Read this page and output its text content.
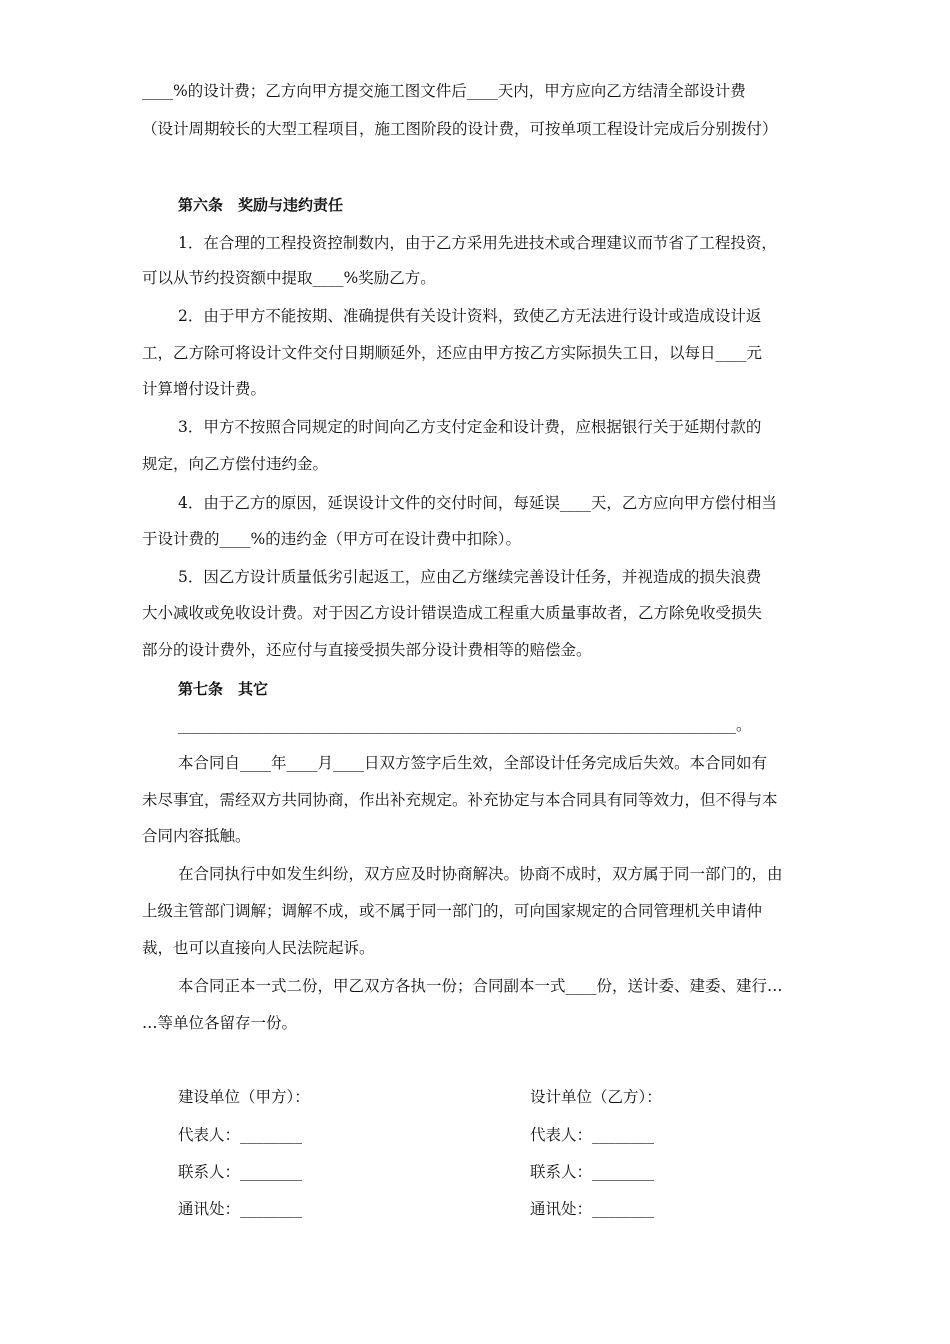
____%的设计费；乙方向甲方提交施工图文件后____天内，甲方应向乙方结清全部设计费
（设计周期较长的大型工程项目，施工图阶段的设计费，可按单项工程设计完成后分别拨付）
第六条　奖励与违约责任
1．在合理的工程投资控制数内，由于乙方采用先进技术或合理建议而节省了工程投资，
可以从节约投资额中提取____%奖励乙方。
2．由于甲方不能按期、准确提供有关设计资料，致使乙方无法进行设计或造成设计返
工，乙方除可将设计文件交付日期顺延外，还应由甲方按乙方实际损失工日，以每日____元
计算增付设计费。
3．甲方不按照合同规定的时间向乙方支付定金和设计费，应根据银行关于延期付款的
规定，向乙方偿付违约金。
4．由于乙方的原因，延误设计文件的交付时间，每延误____天，乙方应向甲方偿付相当
于设计费的____%的违约金（甲方可在设计费中扣除）。
5．因乙方设计质量低劣引起返工，应由乙方继续完善设计任务，并视造成的损失浪费
大小减收或免收设计费。对于因乙方设计错误造成工程重大质量事故者，乙方除免收受损失
部分的设计费外，还应付与直接受损失部分设计费相等的赔偿金。
第七条　其它
________________________________________________________________________。
本合同自____年____月____日双方签字后生效，全部设计任务完成后失效。本合同如有
未尽事宜，需经双方共同协商，作出补充规定。补充协定与本合同具有同等效力，但不得与本
合同内容抵触。
在合同执行中如发生纠纷，双方应及时协商解决。协商不成时，双方属于同一部门的，由
上级主管部门调解；调解不成，或不属于同一部门的，可向国家规定的合同管理机关申请仲
裁，也可以直接向人民法院起诉。
本合同正本一式二份，甲乙双方各执一份；合同副本一式____份，送计委、建委、建行…
…等单位各留存一份。
建设单位（甲方）：	设计单位（乙方）：
代表人：________	代表人：________
联系人：________	联系人：________
通讯处：________	通讯处：________
